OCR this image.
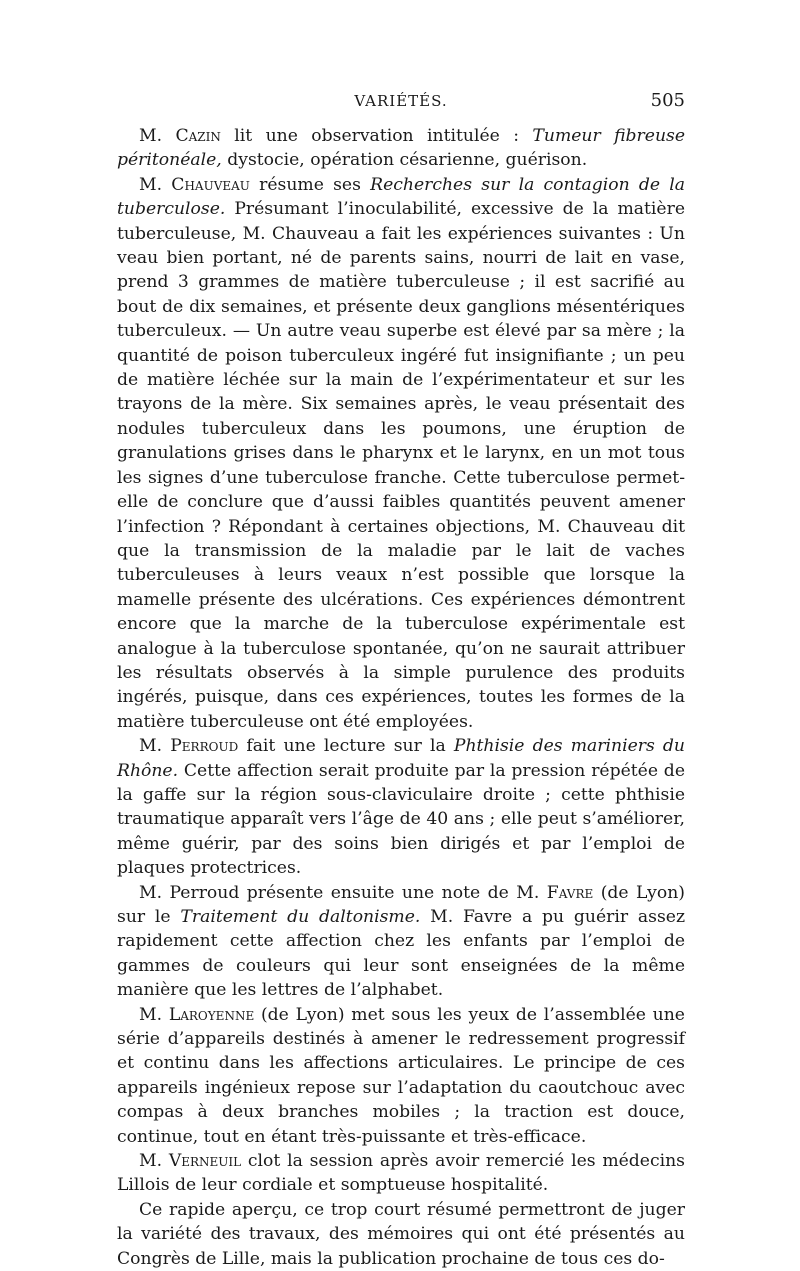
VARIÉTÉS.	505

M. Cazin lit une observation intitulée : Tumeur fibreuse péritonéale, dystocie, opération césarienne, guérison.

M. Chauveau résume ses Recherches sur la contagion de la tuberculose. Présumant l’inoculabilité, excessive de la matière tuberculeuse, M. Chauveau a fait les expériences suivantes : Un veau bien portant, né de parents sains, nourri de lait en vase, prend 3 grammes de matière tuberculeuse ; il est sacrifié au bout de dix semaines, et présente deux ganglions mésentériques tuberculeux. — Un autre veau superbe est élevé par sa mère ; la quantité de poison tuberculeux ingéré fut insignifiante ; un peu de matière léchée sur la main de l’expérimentateur et sur les trayons de la mère. Six semaines après, le veau présentait des nodules tuberculeux dans les poumons, une éruption de granulations grises dans le pharynx et le larynx, en un mot tous les signes d’une tuberculose franche. Cette tuberculose permet-elle de conclure que d’aussi faibles quantités peuvent amener l’infection ? Répondant à certaines objections, M. Chauveau dit que la transmission de la maladie par le lait de vaches tuberculeuses à leurs veaux n’est possible que lorsque la mamelle présente des ulcérations. Ces expériences démontrent encore que la marche de la tuberculose expérimentale est analogue à la tuberculose spontanée, qu’on ne saurait attribuer les résultats observés à la simple purulence des produits ingérés, puisque, dans ces expériences, toutes les formes de la matière tuberculeuse ont été employées.

M. Perroud fait une lecture sur la Phthisie des mariniers du Rhône. Cette affection serait produite par la pression répétée de la gaffe sur la région sous-claviculaire droite ; cette phthisie traumatique apparaît vers l’âge de 40 ans ; elle peut s’améliorer, même guérir, par des soins bien dirigés et par l’emploi de plaques protectrices.

M. Perroud présente ensuite une note de M. Favre (de Lyon) sur le Traitement du daltonisme. M. Favre a pu guérir assez rapidement cette affection chez les enfants par l’emploi de gammes de couleurs qui leur sont enseignées de la même manière que les lettres de l’alphabet.

M. Laroyenne (de Lyon) met sous les yeux de l’assemblée une série d’appareils destinés à amener le redressement progressif et continu dans les affections articulaires. Le principe de ces appareils ingénieux repose sur l’adaptation du caoutchouc avec compas à deux branches mobiles ; la traction est douce, continue, tout en étant très-puissante et très-efficace.

M. Verneuil clot la session après avoir remercié les médecins Lillois de leur cordiale et somptueuse hospitalité.

Ce rapide aperçu, ce trop court résumé permettront de juger la variété des travaux, des mémoires qui ont été présentés au Congrès de Lille, mais la publication prochaine de tous ces do-
